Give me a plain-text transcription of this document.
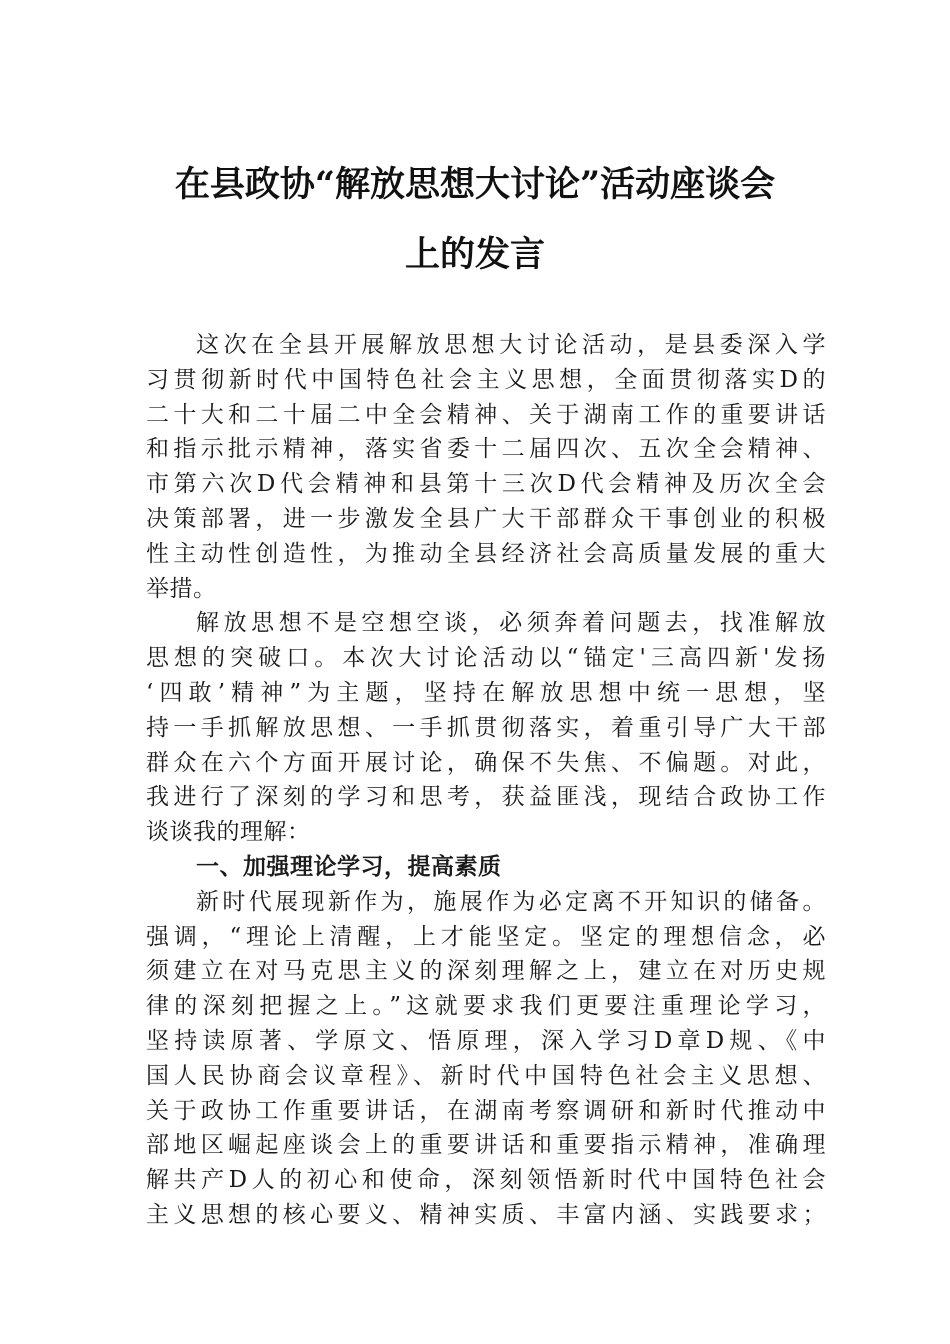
在县政协“解放思想大讨论”活动座谈会
上的发言
这次在全县开展解放思想大讨论活动，是县委深入学
习贯彻新时代中国特色社会主义思想，全面贯彻落实D的
二十大和二十届二中全会精神、关于湖南工作的重要讲话
和指示批示精神，落实省委十二届四次、五次全会精神、
市第六次D代会精神和县第十三次D代会精神及历次全会
决策部署，进一步激发全县广大干部群众干事创业的积极
性主动性创造性，为推动全县经济社会高质量发展的重大
举措。
解放思想不是空想空谈，必须奔着问题去，找准解放
思想的突破口。本次大讨论活动以“锚定'三高四新'发扬
‘四敢’精神”为主题，坚持在解放思想中统一思想，坚
持一手抓解放思想、一手抓贯彻落实，着重引导广大干部
群众在六个方面开展讨论，确保不失焦、不偏题。对此，
我进行了深刻的学习和思考，获益匪浅，现结合政协工作
谈谈我的理解：
一、加强理论学习，提高素质
新时代展现新作为，施展作为必定离不开知识的储备。
强调，“理论上清醒，上才能坚定。坚定的理想信念，必
须建立在对马克思主义的深刻理解之上，建立在对历史规
律的深刻把握之上。”这就要求我们更要注重理论学习，
坚持读原著、学原文、悟原理，深入学习D章D规、《中
国人民协商会议章程》、新时代中国特色社会主义思想、
关于政协工作重要讲话，在湖南考察调研和新时代推动中
部地区崛起座谈会上的重要讲话和重要指示精神，准确理
解共产D人的初心和使命，深刻领悟新时代中国特色社会
主义思想的核心要义、精神实质、丰富内涵、实践要求；
